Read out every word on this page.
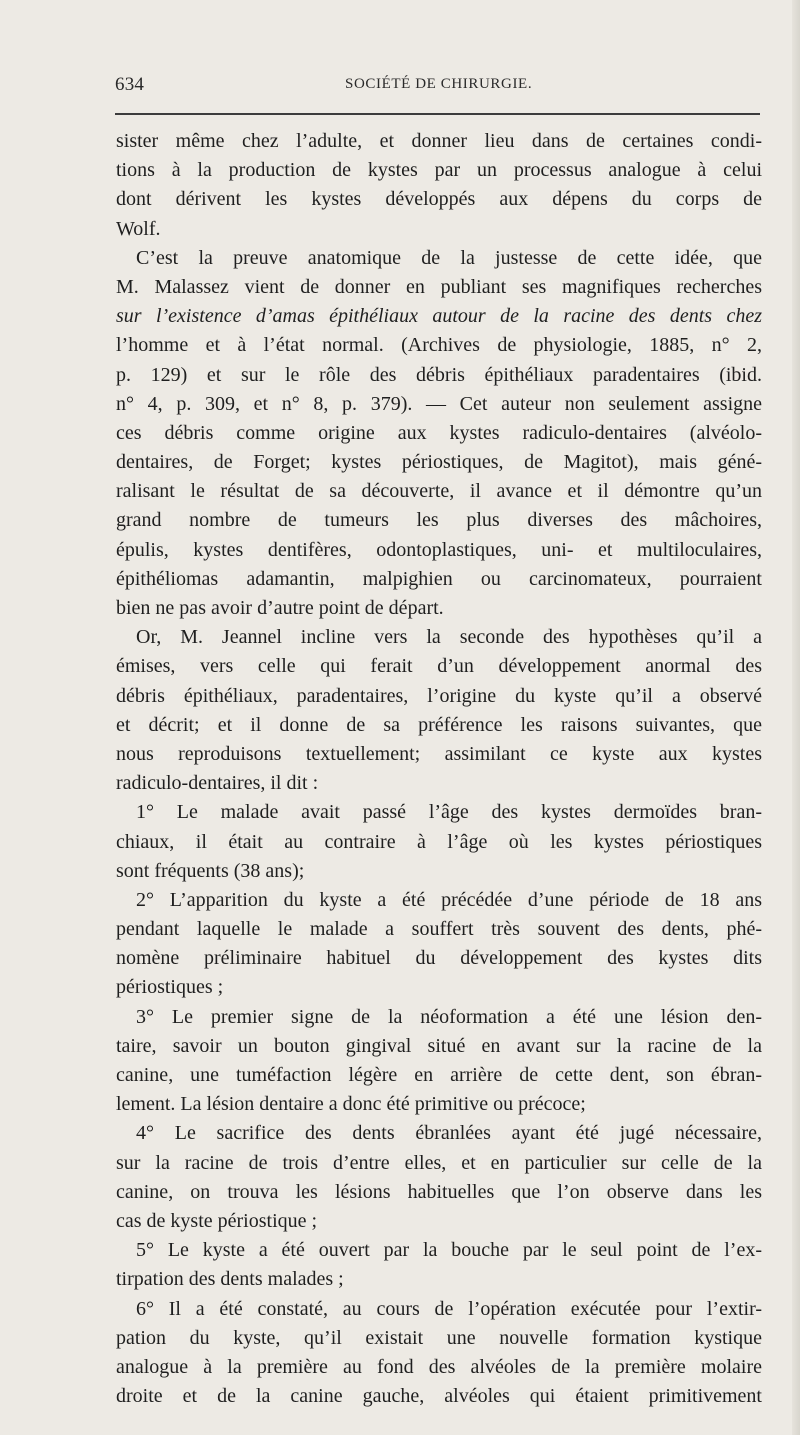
634	SOCIÉTÉ DE CHIRURGIE.
sister même chez l’adulte, et donner lieu dans de certaines condi-
tions à la production de kystes par un processus analogue à celui
dont dérivent les kystes développés aux dépens du corps de
Wolf.
C’est la preuve anatomique de la justesse de cette idée, que
M. Malassez vient de donner en publiant ses magnifiques recherches
sur l’existence d’amas épithéliaux autour de la racine des dents chez
l’homme et à l’état normal. (Archives de physiologie, 1885, n° 2,
p. 129) et sur le rôle des débris épithéliaux paradentaires (ibid.
n° 4, p. 309, et n° 8, p. 379). — Cet auteur non seulement assigne
ces débris comme origine aux kystes radiculo-dentaires (alvéolo-
dentaires, de Forget; kystes périostiques, de Magitot), mais géné-
ralisant le résultat de sa découverte, il avance et il démontre qu’un
grand nombre de tumeurs les plus diverses des mâchoires,
épulis, kystes dentifères, odontoplastiques, uni- et multiloculaires,
épithéliomas adamantin, malpighien ou carcinomateux, pourraient
bien ne pas avoir d’autre point de départ.
Or, M. Jeannel incline vers la seconde des hypothèses qu’il a
émises, vers celle qui ferait d’un développement anormal des
débris épithéliaux, paradentaires, l’origine du kyste qu’il a observé
et décrit; et il donne de sa préférence les raisons suivantes, que
nous reproduisons textuellement; assimilant ce kyste aux kystes
radiculo-dentaires, il dit :
1° Le malade avait passé l’âge des kystes dermoïdes bran-
chiaux, il était au contraire à l’âge où les kystes périostiques
sont fréquents (38 ans);
2° L’apparition du kyste a été précédée d’une période de 18 ans
pendant laquelle le malade a souffert très souvent des dents, phé-
nomène préliminaire habituel du développement des kystes dits
périostiques ;
3° Le premier signe de la néoformation a été une lésion den-
taire, savoir un bouton gingival situé en avant sur la racine de la
canine, une tuméfaction légère en arrière de cette dent, son ébran-
lement. La lésion dentaire a donc été primitive ou précoce;
4° Le sacrifice des dents ébranlées ayant été jugé nécessaire,
sur la racine de trois d’entre elles, et en particulier sur celle de la
canine, on trouva les lésions habituelles que l’on observe dans les
cas de kyste périostique ;
5° Le kyste a été ouvert par la bouche par le seul point de l’ex-
tirpation des dents malades ;
6° Il a été constaté, au cours de l’opération exécutée pour l’extir-
pation du kyste, qu’il existait une nouvelle formation kystique
analogue à la première au fond des alvéoles de la première molaire
droite et de la canine gauche, alvéoles qui étaient primitivement
